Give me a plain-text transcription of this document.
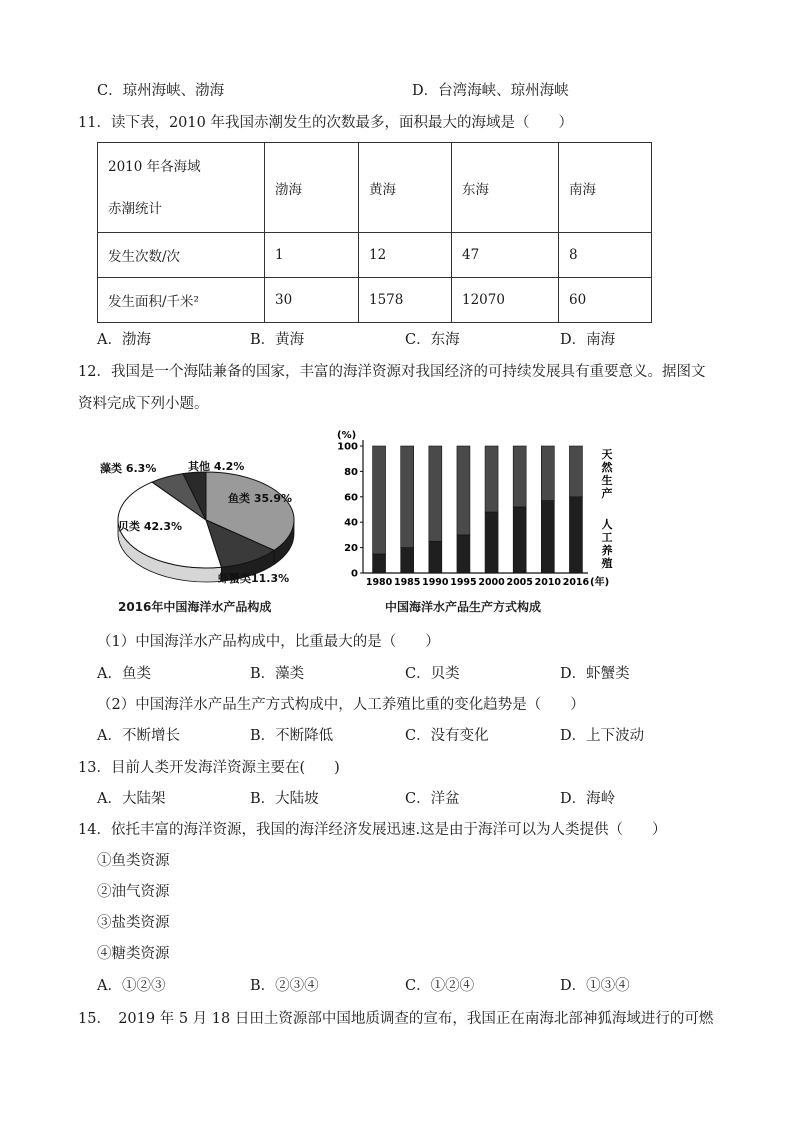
C．琼州海峡、渤海	D．台湾海峡、琼州海峡
11．读下表，2010 年我国赤潮发生的次数最多，面积最大的海域是（　　）
2010 年各海域
赤潮统计	渤海	黄海	东海	南海
发生次数/次	1	12	47	8
发生面积/千米²	30	1578	12070	60
A．渤海	B．黄海	C．东海	D．南海
12．我国是一个海陆兼备的国家，丰富的海洋资源对我国经济的可持续发展具有重要意义。据图文
资料完成下列小题。
鱼类 35.9%
虾蟹类11.3%
贝类 42.3%
藻类 6.3%	其他 4.2%
2016年中国海洋水产品构成
(%)
0
20
40
60
80
100
1980 1985 1990 1995 2000 2005 2010 2016 (年)
天
然
生
产
人
工
养
殖
中国海洋水产品生产方式构成
（1）中国海洋水产品构成中，比重最大的是（　　）
A．鱼类	B．藻类	C．贝类	D．虾蟹类
（2）中国海洋水产品生产方式构成中，人工养殖比重的变化趋势是（　　）
A．不断增长	B．不断降低	C．没有变化	D．上下波动
13．目前人类开发海洋资源主要在(　　)
A．大陆架	B．大陆坡	C．洋盆	D．海岭
14．依托丰富的海洋资源，我国的海洋经济发展迅速.这是由于海洋可以为人类提供（　　）
①鱼类资源
②油气资源
③盐类资源
④糖类资源
A．①②③	B．②③④	C．①②④	D．①③④
15．　2019 年 5 月 18 日田土资源部中国地质调查的宣布，我国正在南海北部神狐海域进行的可燃
